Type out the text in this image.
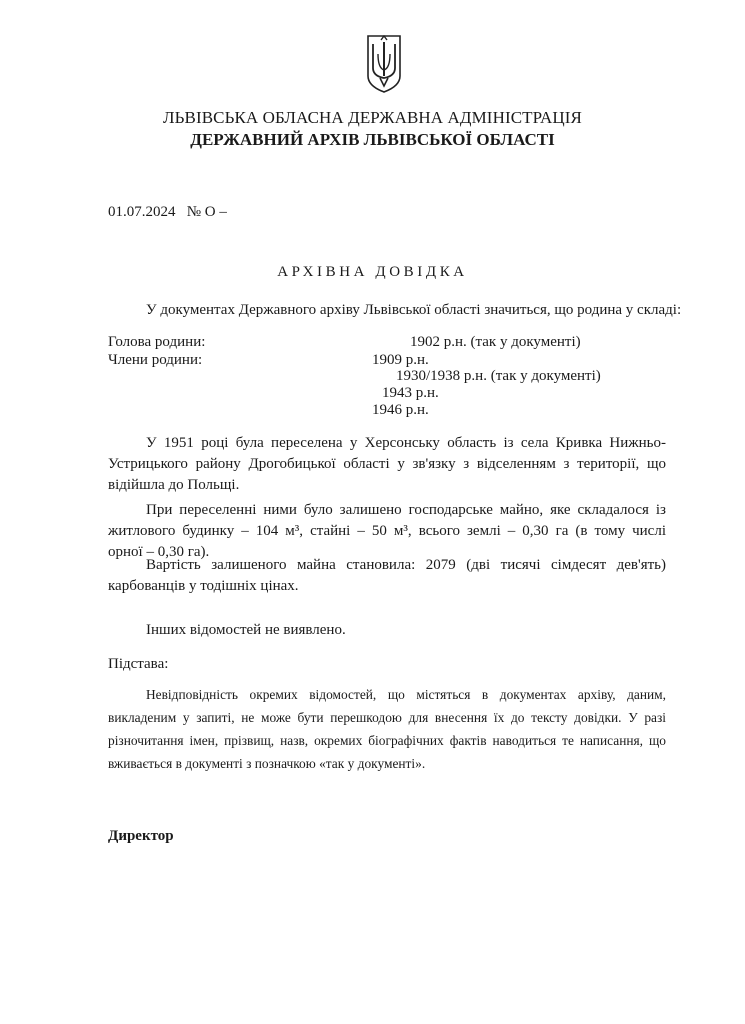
ЛЬВІВСЬКА ОБЛАСНА ДЕРЖАВНА АДМІНІСТРАЦІЯ
ДЕРЖАВНИЙ АРХІВ ЛЬВІВСЬКОЇ ОБЛАСТІ
01.07.2024 № О –
АРХІВНА ДОВІДКА
У документах Державного архіву Львівської області значиться, що родина у складі:
Голова родини:	1902 р.н. (так у документі)
Члени родини:	1909 р.н.
1930/1938 р.н. (так у документі)
1943 р.н.
1946 р.н.
У 1951 році була переселена у Херсонську область із села Кривка Нижньо-
Устрицького району Дрогобицької області у зв'язку з відселенням з території, що
відійшла до Польщі.
При переселенні ними було залишено господарське майно, яке складалося із
житлового будинку – 104 м³, стайні – 50 м³, всього землі – 0,30 га (в тому числі
орної – 0,30 га).
Вартість залишеного майна становила: 2079 (дві тисячі сімдесят дев'ять)
карбованців у тодішніх цінах.
Інших відомостей не виявлено.
Підстава:
Невідповідність окремих відомостей, що містяться в документах архіву, даним,
викладеним у запиті, не може бути перешкодою для внесення їх до тексту довідки. У разі
різночитання імен, прізвищ, назв, окремих біографічних фактів наводиться те написання, що
вживається в документі з позначкою «так у документі».
Директор
